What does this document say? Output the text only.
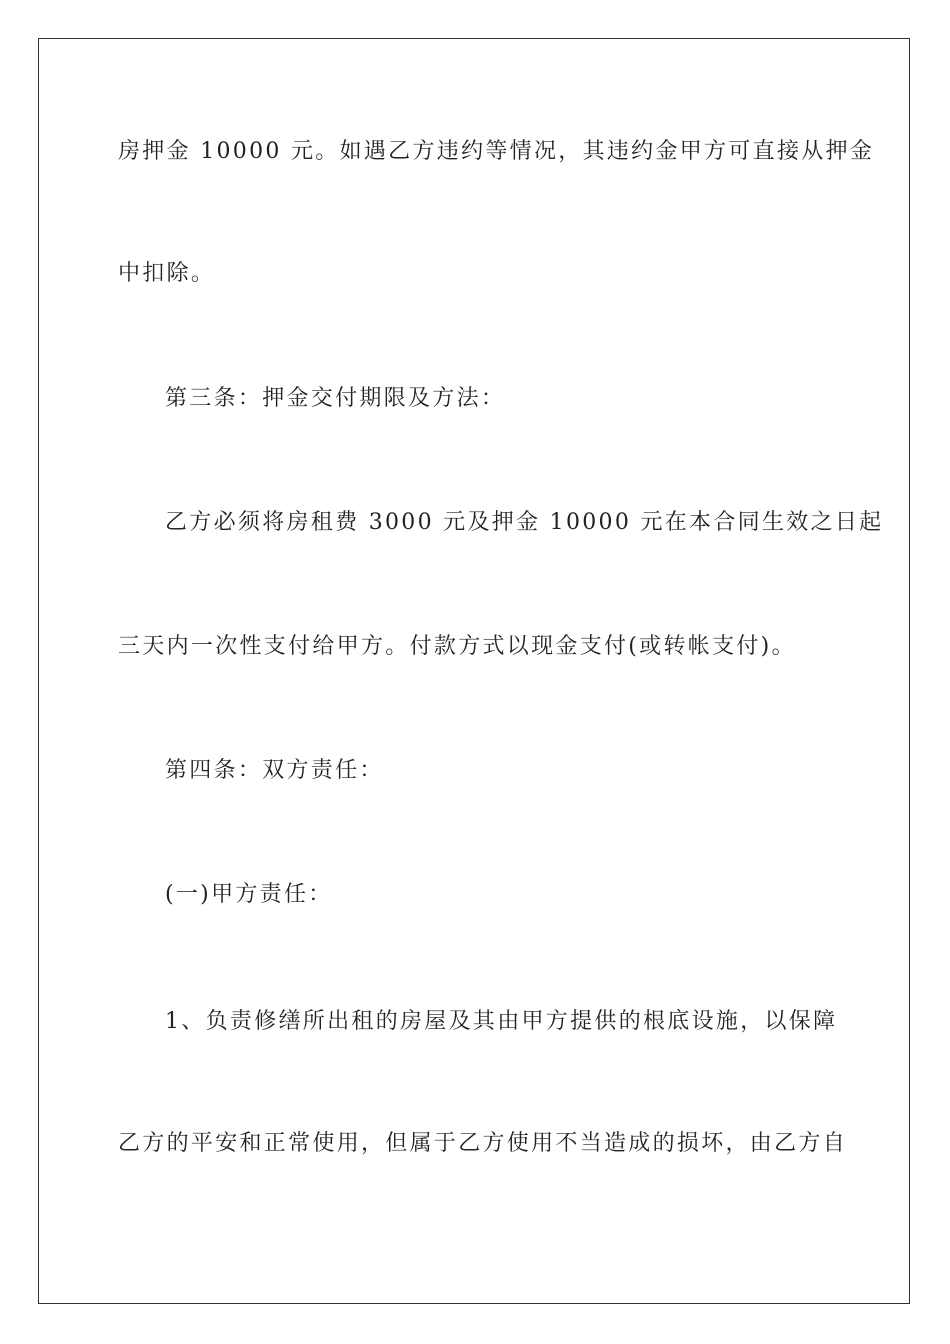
房押金 10000 元。如遇乙方违约等情况，其违约金甲方可直接从押金
中扣除。
第三条：押金交付期限及方法：
乙方必须将房租费 3000 元及押金 10000 元在本合同生效之日起
三天内一次性支付给甲方。付款方式以现金支付(或转帐支付)。
第四条：双方责任：
(一)甲方责任：
1、负责修缮所出租的房屋及其由甲方提供的根底设施，以保障
乙方的平安和正常使用，但属于乙方使用不当造成的损坏，由乙方自
